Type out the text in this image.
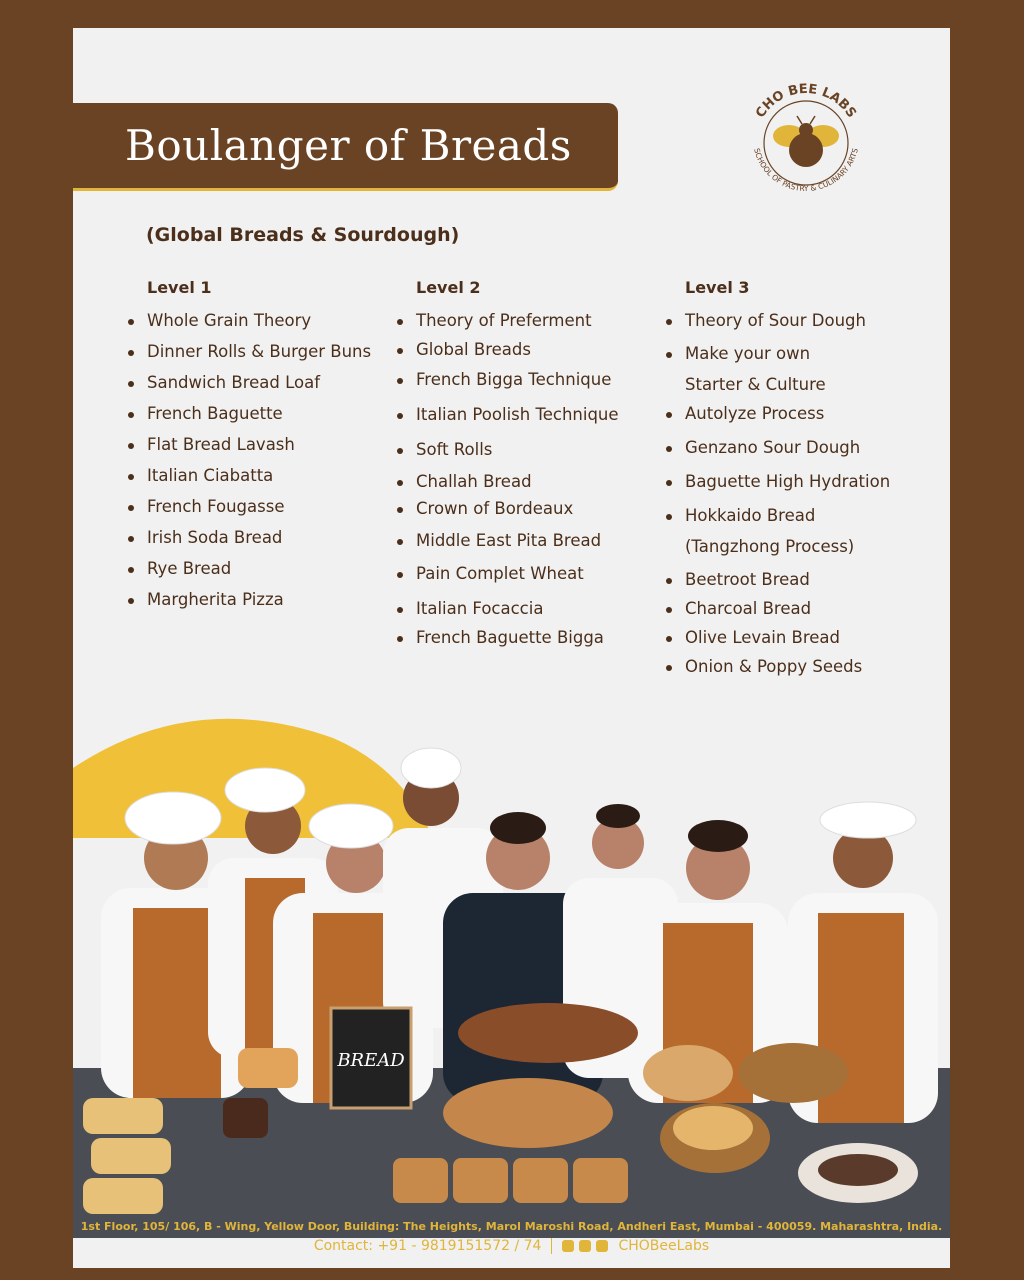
Boulanger of Breads
CHO BEE LABS
SCHOOL OF PASTRY & CULINARY ARTS
(Global Breads & Sourdough)
Level 1
Whole Grain Theory
Dinner Rolls & Burger Buns
Sandwich Bread Loaf
French Baguette
Flat Bread Lavash
Italian Ciabatta
French Fougasse
Irish Soda Bread
Rye Bread
Margherita Pizza
Level 2
Theory of Preferment
Global Breads
French Bigga Technique
Italian Poolish Technique
Soft Rolls
Challah Bread
Crown of Bordeaux
Middle East Pita Bread
Pain Complet Wheat
Italian Focaccia
French Baguette Bigga
Level 3
Theory of Sour Dough
Make your own
Starter & Culture
Autolyze Process
Genzano Sour Dough
Baguette High Hydration
Hokkaido Bread
(Tangzhong Process)
Beetroot Bread
Charcoal Bread
Olive Levain Bread
Onion & Poppy Seeds
BREAD
1st Floor, 105/ 106, B - Wing, Yellow Door, Building: The Heights, Marol Maroshi Road, Andheri East, Mumbai - 400059. Maharashtra, India.
Contact: +91 - 9819151572 / 74	CHOBeeLabs
